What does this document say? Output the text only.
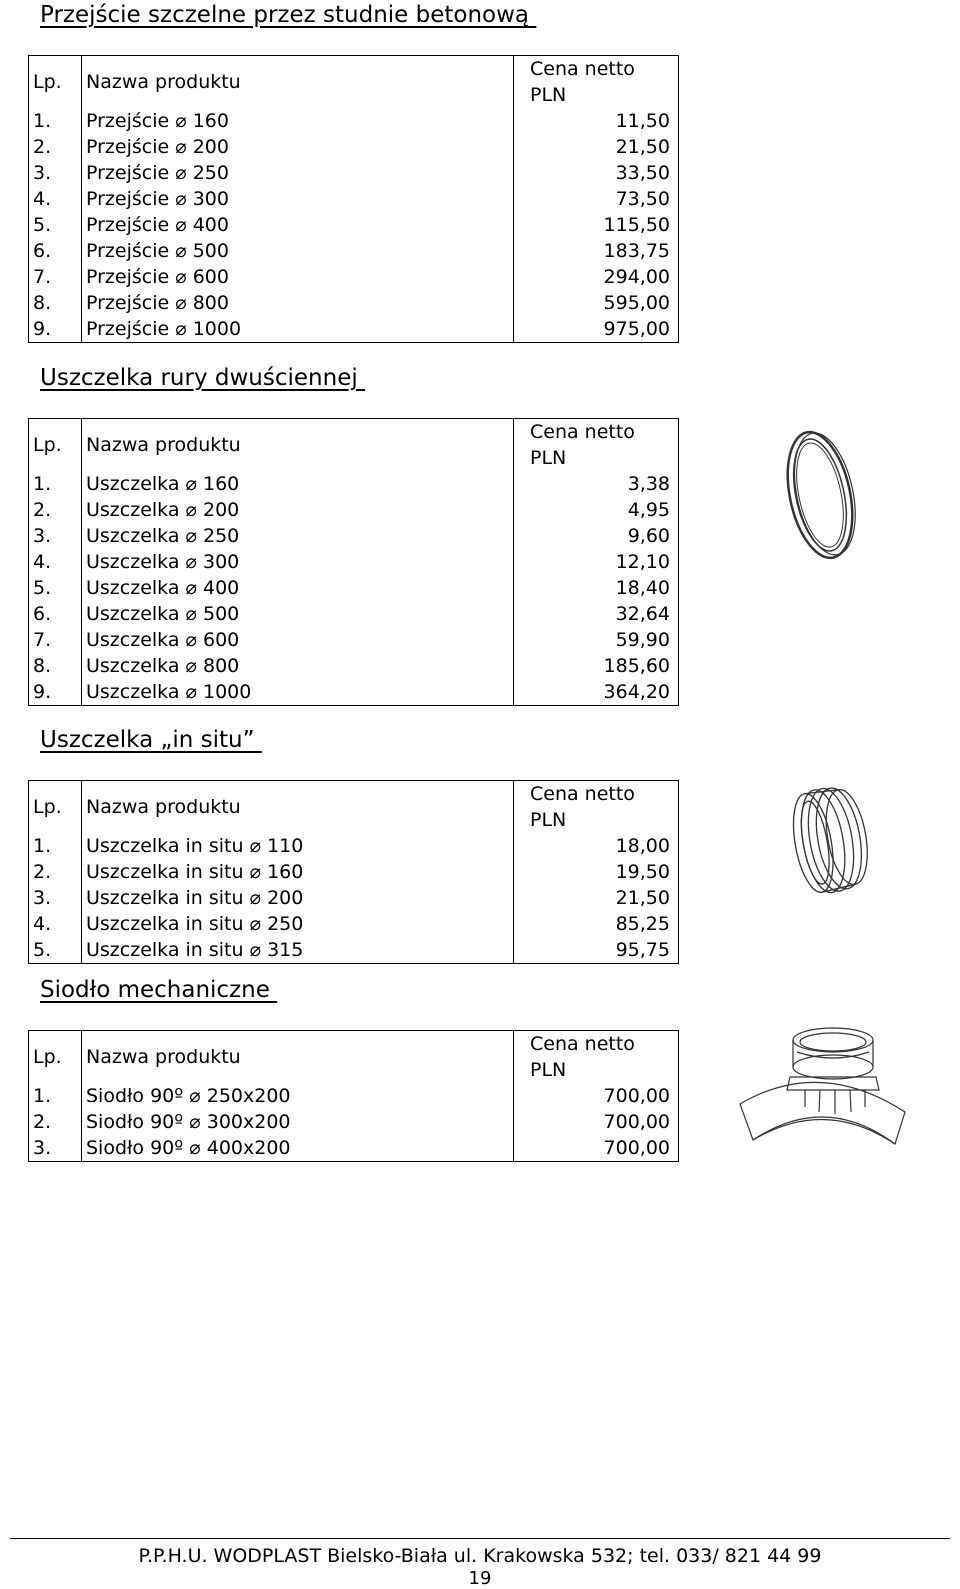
Przejście szczelne przez studnie betonową
Lp.	Nazwa produktu	Cena netto PLN
1.	Przejście ⌀ 160	11,50
2.	Przejście ⌀ 200	21,50
3.	Przejście ⌀ 250	33,50
4.	Przejście ⌀ 300	73,50
5.	Przejście ⌀ 400	115,50
6.	Przejście ⌀ 500	183,75
7.	Przejście ⌀ 600	294,00
8.	Przejście ⌀ 800	595,00
9.	Przejście ⌀ 1000	975,00
Uszczelka rury dwuściennej
Lp.	Nazwa produktu	Cena netto PLN
1.	Uszczelka ⌀ 160	3,38
2.	Uszczelka ⌀ 200	4,95
3.	Uszczelka ⌀ 250	9,60
4.	Uszczelka ⌀ 300	12,10
5.	Uszczelka ⌀ 400	18,40
6.	Uszczelka ⌀ 500	32,64
7.	Uszczelka ⌀ 600	59,90
8.	Uszczelka ⌀ 800	185,60
9.	Uszczelka ⌀ 1000	364,20
Uszczelka „in situ”
Lp.	Nazwa produktu	Cena netto PLN
1.	Uszczelka in situ ⌀ 110	18,00
2.	Uszczelka in situ ⌀ 160	19,50
3.	Uszczelka in situ ⌀ 200	21,50
4.	Uszczelka in situ ⌀ 250	85,25
5.	Uszczelka in situ ⌀ 315	95,75
Siodło mechaniczne
Lp.	Nazwa produktu	Cena netto PLN
1.	Siodło 90º ⌀ 250x200	700,00
2.	Siodło 90º ⌀ 300x200	700,00
3.	Siodło 90º ⌀ 400x200	700,00
P.P.H.U. WODPLAST Bielsko-Biała ul. Krakowska 532; tel. 033/ 821 44 99
19
